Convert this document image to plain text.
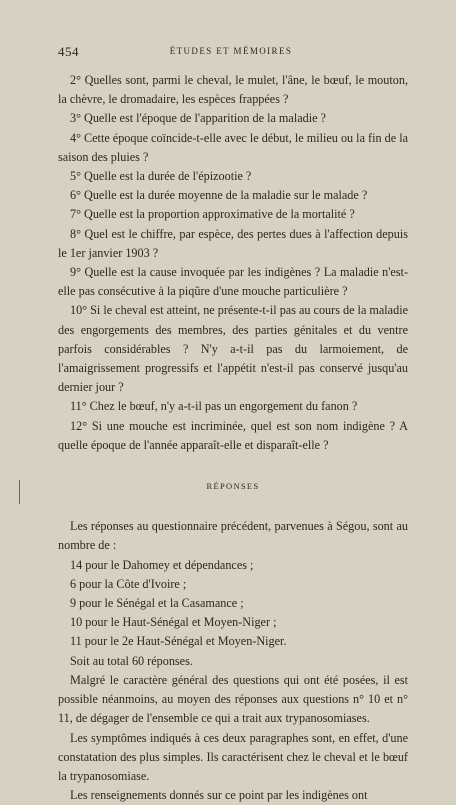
454	ÉTUDES ET MÉMOIRES

2° Quelles sont, parmi le cheval, le mulet, l'âne, le bœuf, le mouton, la chèvre, le dromadaire, les espèces frappées ?

3° Quelle est l'époque de l'apparition de la maladie ?

4° Cette époque coïncide-t-elle avec le début, le milieu ou la fin de la saison des pluies ?

5° Quelle est la durée de l'épizootie ?

6° Quelle est la durée moyenne de la maladie sur le malade ?

7° Quelle est la proportion approximative de la mortalité ?

8° Quel est le chiffre, par espèce, des pertes dues à l'affection depuis le 1er janvier 1903 ?

9° Quelle est la cause invoquée par les indigènes ? La maladie n'est-elle pas consécutive à la piqûre d'une mouche particulière ?

10° Si le cheval est atteint, ne présente-t-il pas au cours de la maladie des engorgements des membres, des parties génitales et du ventre parfois considérables ? N'y a-t-il pas du larmoiement, de l'amaigrissement progressifs et l'appétit n'est-il pas conservé jusqu'au dernier jour ?

11° Chez le bœuf, n'y a-t-il pas un engorgement du fanon ?

12° Si une mouche est incriminée, quel est son nom indigène ? A quelle époque de l'année apparaît-elle et disparaît-elle ?

RÉPONSES

Les réponses au questionnaire précédent, parvenues à Ségou, sont au nombre de :

14 pour le Dahomey et dépendances ;

6 pour la Côte d'Ivoire ;

9 pour le Sénégal et la Casamance ;

10 pour le Haut-Sénégal et Moyen-Niger ;

11 pour le 2e Haut-Sénégal et Moyen-Niger.

Soit au total 60 réponses.

Malgré le caractère général des questions qui ont été posées, il est possible néanmoins, au moyen des réponses aux questions n° 10 et n° 11, de dégager de l'ensemble ce qui a trait aux trypanosomiases.

Les symptômes indiqués à ces deux paragraphes sont, en effet, d'une constatation des plus simples. Ils caractérisent chez le cheval et le bœuf la trypanosomiase.

Les renseignements donnés sur ce point par les indigènes ont
